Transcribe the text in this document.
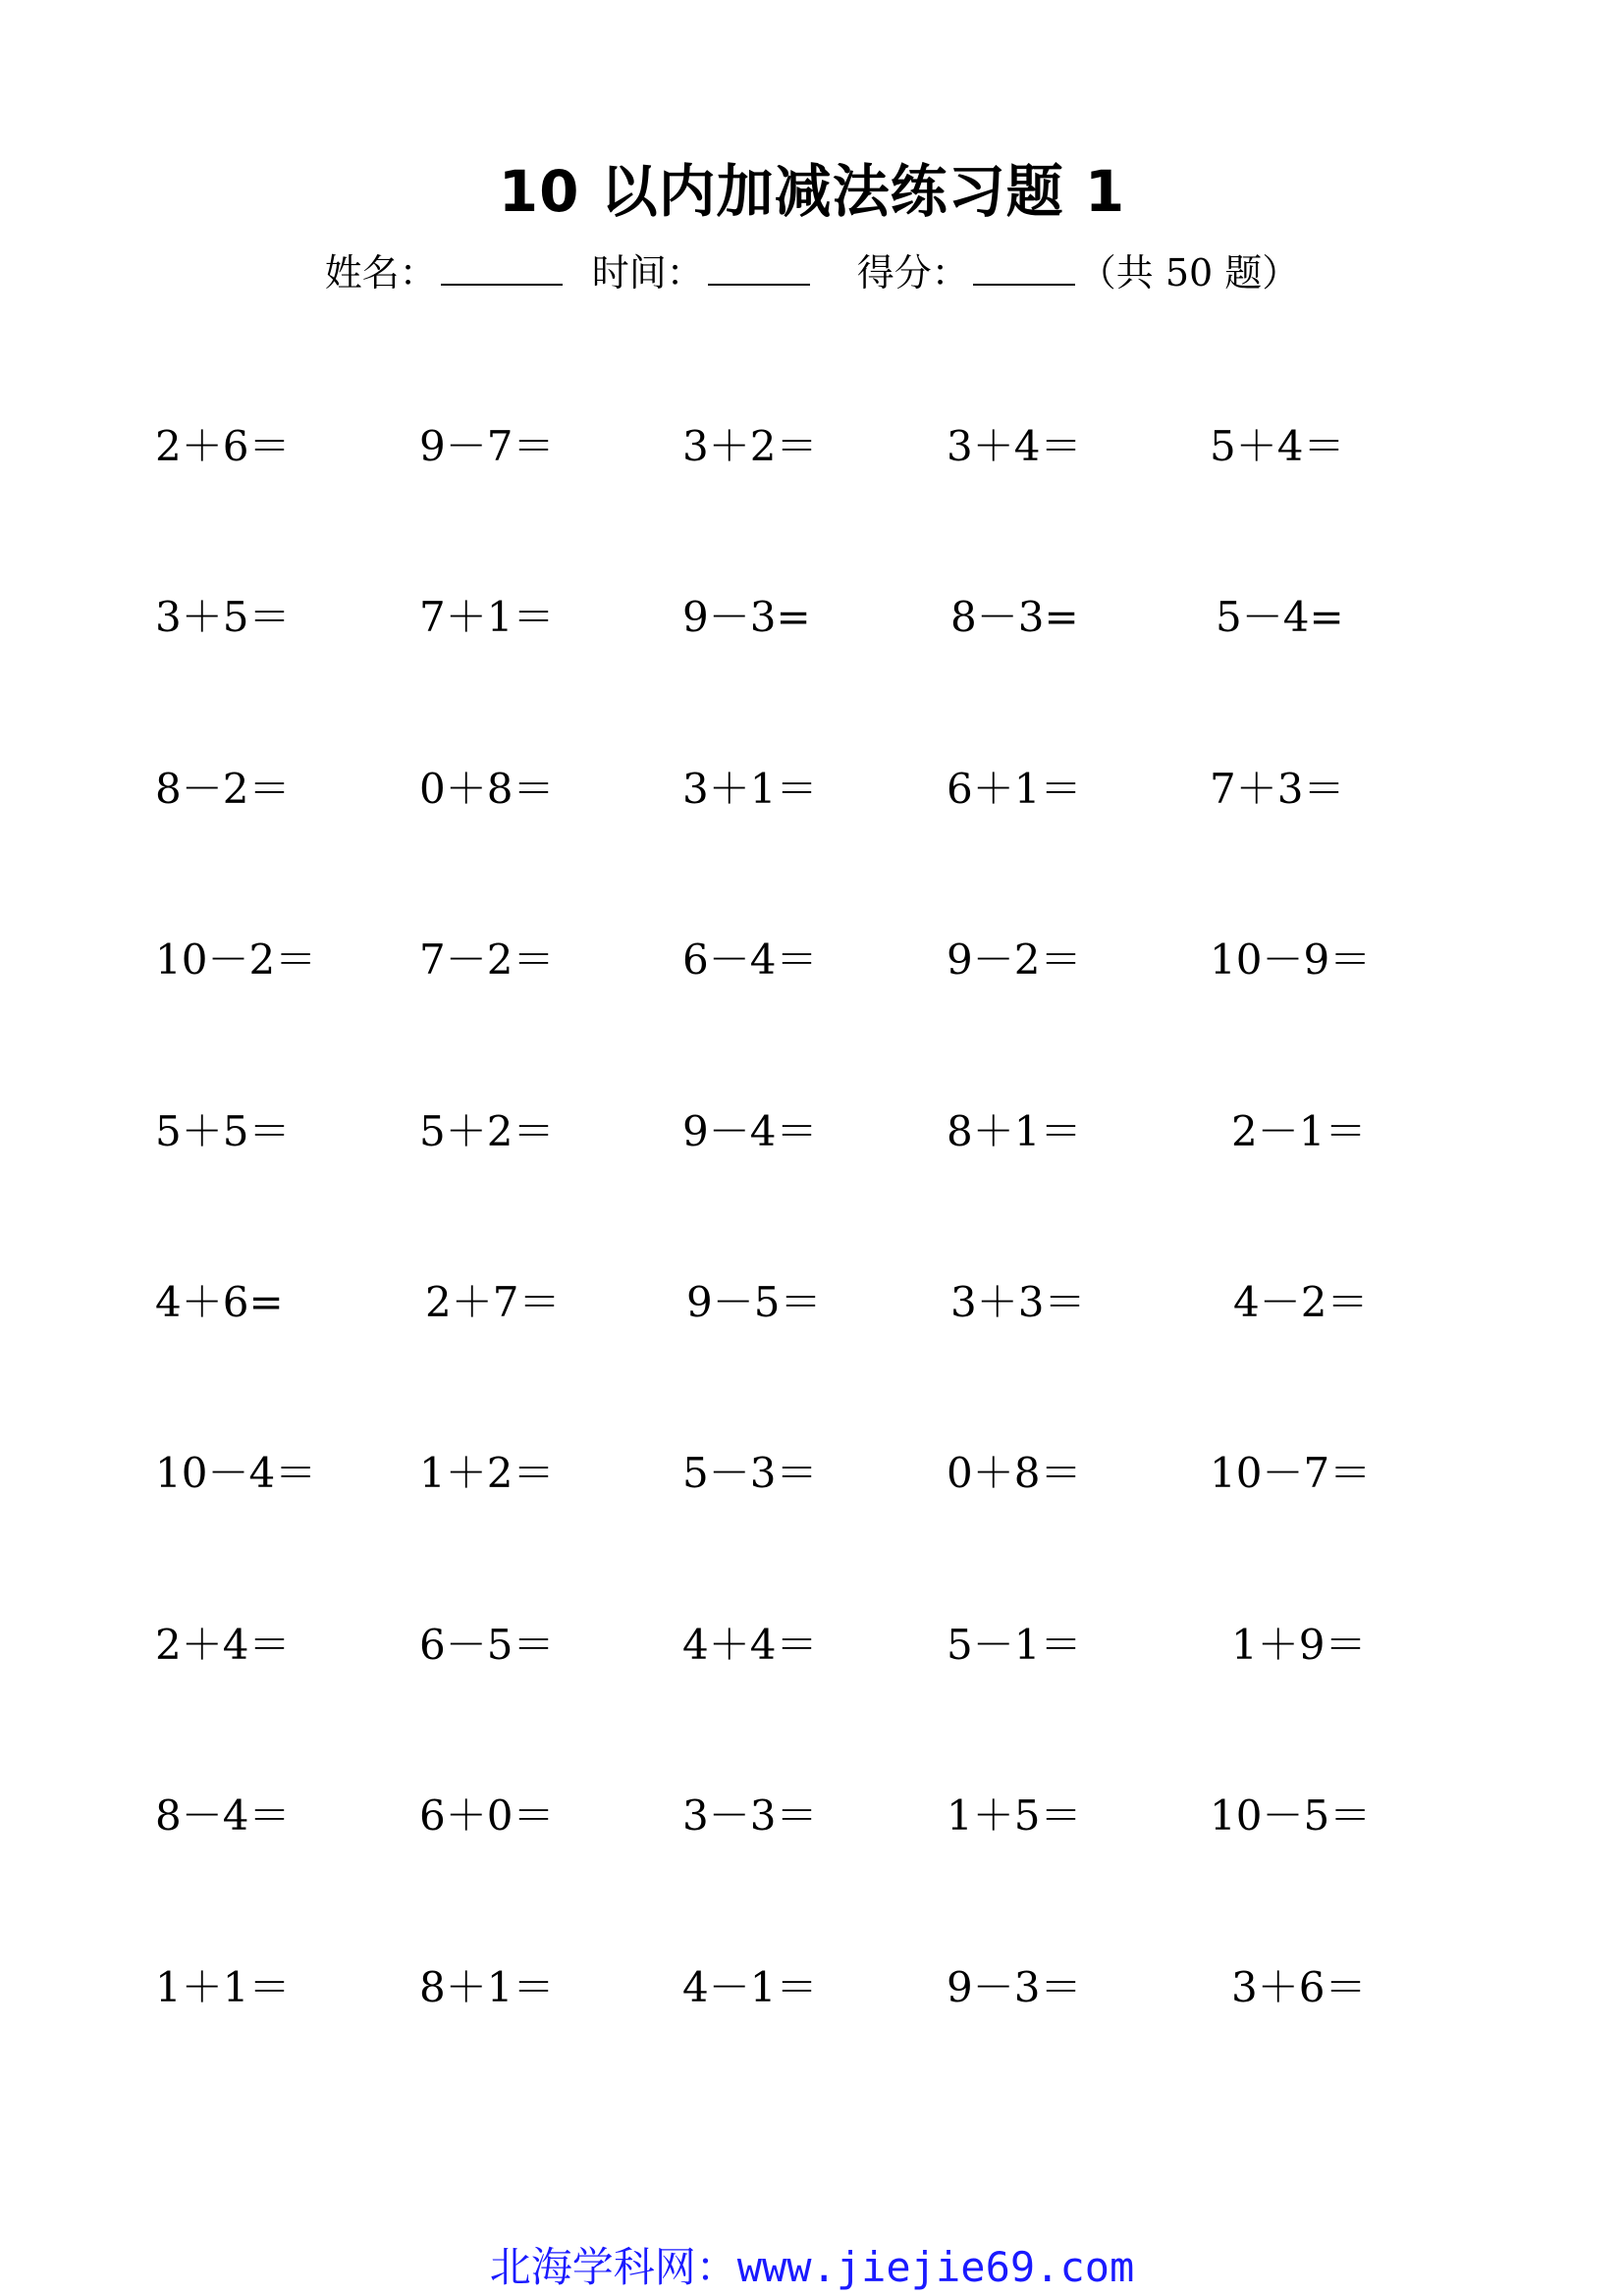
10 以内加减法练习题 1
姓名：	时间：	得分：	（共 50 题）
2＋6＝	9－7＝	3＋2＝	3＋4＝	5＋4＝
3＋5＝	7＋1＝	9－3=	8－3=	5－4=
8－2＝	0＋8＝	3＋1＝	6＋1＝	7＋3＝
10－2＝ 7－2＝	6－4＝	9－2＝	10－9＝
5＋5＝	5＋2＝	9－4＝	8＋1＝	2－1＝
4＋6=	2＋7＝	9－5＝	3＋3＝	4－2＝
10－4＝ 1＋2＝	5－3＝	0＋8＝	10－7＝
2＋4＝	6－5＝	4＋4＝	5－1＝	1＋9＝
8－4＝	6＋0＝	3－3＝	1＋5＝	10－5＝
1＋1＝	8＋1＝	4－1＝	9－3＝	3＋6＝
北海学科网：www.jiejie69.com
